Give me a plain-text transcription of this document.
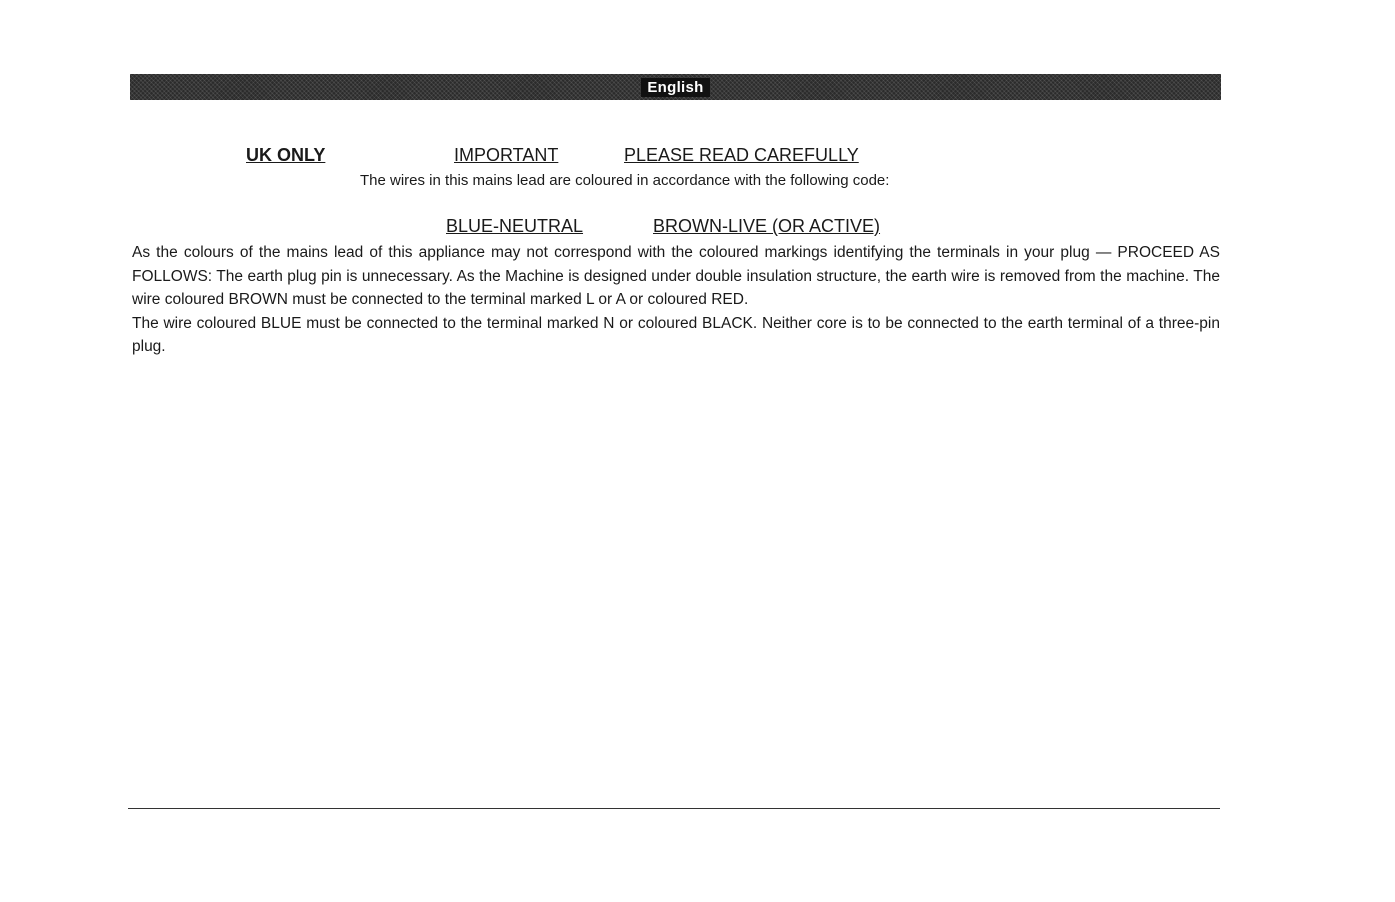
English
UK ONLY	IMPORTANT	PLEASE READ CAREFULLY
The wires in this mains lead are coloured in accordance with the following code:
BLUE-NEUTRAL	BROWN-LIVE (OR ACTIVE)

As the colours of the mains lead of this appliance may not correspond with the coloured markings identifying the terminals in your plug — PROCEED AS FOLLOWS: The earth plug pin is unnecessary. As the Machine is designed under double insulation structure, the earth wire is removed from the machine. The wire coloured BROWN must be connected to the terminal marked L or A or coloured RED.

The wire coloured BLUE must be connected to the terminal marked N or coloured BLACK. Neither core is to be connected to the earth terminal of a three-pin plug.
